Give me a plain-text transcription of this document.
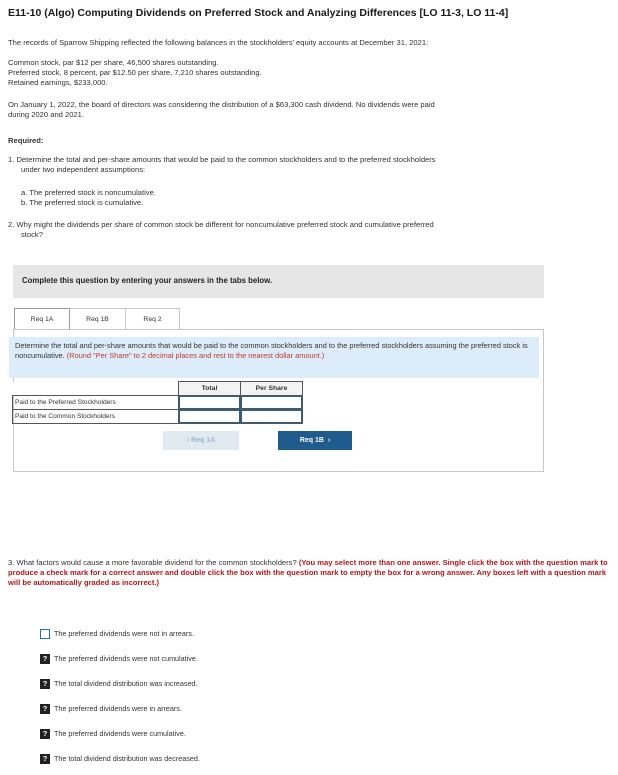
E11-10 (Algo) Computing Dividends on Preferred Stock and Analyzing Differences [LO 11-3, LO 11-4]
The records of Sparrow Shipping reflected the following balances in the stockholders' equity accounts at December 31, 2021:
Common stock, par $12 per share, 46,500 shares outstanding.
Preferred stock, 8 percent, par $12.50 per share, 7,210 shares outstanding.
Retained earnings, $233,000.
On January 1, 2022, the board of directors was considering the distribution of a $63,300 cash dividend. No dividends were paid
during 2020 and 2021.
Required:
1. Determine the total and per-share amounts that would be paid to the common stockholders and to the preferred stockholders
under two independent assumptions:
a. The preferred stock is noncumulative.
b. The preferred stock is cumulative.
2. Why might the dividends per share of common stock be different for noncumulative preferred stock and cumulative preferred
stock?
Complete this question by entering your answers in the tabs below.
Req 1A	Req 1B	Req 2
Determine the total and per-share amounts that would be paid to the common stockholders and to the preferred stockholders assuming the preferred stock is noncumulative. (Round "Per Share" to 2 decimal places and rest to the nearest dollar amount.)
	Total	Per Share
Paid to the Preferred Stockholders		
Paid to the Common Stockholders		
‹ Req 1A	Req 1B ›
3. What factors would cause a more favorable dividend for the common stockholders? (You may select more than one answer. Single click the box with the question mark to produce a check mark for a correct answer and double click the box with the question mark to empty the box for a wrong answer. Any boxes left with a question mark will be automatically graded as incorrect.)
The preferred dividends were not in arrears.
? The preferred dividends were not cumulative.
? The total dividend distribution was increased.
? The preferred dividends were in arrears.
? The preferred dividends were cumulative.
? The total dividend distribution was decreased.
